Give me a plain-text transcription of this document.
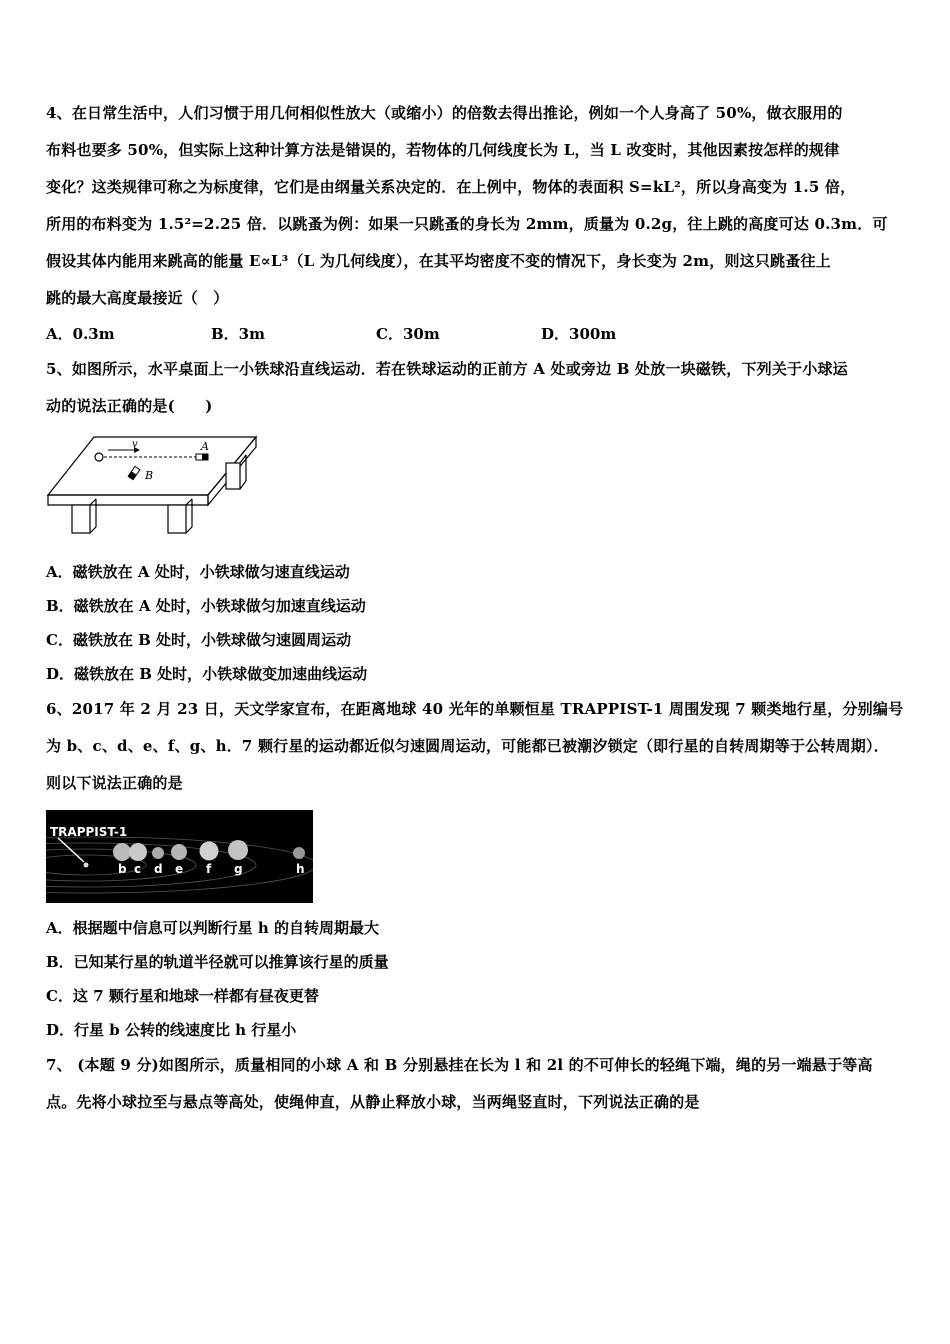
4、在日常生活中，人们习惯于用几何相似性放大（或缩小）的倍数去得出推论，例如一个人身高了 50%，做衣服用的
布料也要多 50%，但实际上这种计算方法是错误的，若物体的几何线度长为 L，当 L 改变时，其他因素按怎样的规律
变化？这类规律可称之为标度律，它们是由纲量关系决定的．在上例中，物体的表面积 S=kL²，所以身高变为 1.5 倍，
所用的布料变为 1.5²=2.25 倍．以跳蚤为例：如果一只跳蚤的身长为 2mm，质量为 0.2g，往上跳的高度可达 0.3m．可
假设其体内能用来跳高的能量 E∝L³（L 为几何线度），在其平均密度不变的情况下，身长变为 2m，则这只跳蚤往上
跳的最大高度最接近（　）
A．0.3m	B．3m	C．30m	D．300m
5、如图所示，水平桌面上一小铁球沿直线运动．若在铁球运动的正前方 A 处或旁边 B 处放一块磁铁，下列关于小球运
动的说法正确的是(　　)
v	A
B
A．磁铁放在 A 处时，小铁球做匀速直线运动
B．磁铁放在 A 处时，小铁球做匀加速直线运动
C．磁铁放在 B 处时，小铁球做匀速圆周运动
D．磁铁放在 B 处时，小铁球做变加速曲线运动
6、2017 年 2 月 23 日，天文学家宣布，在距离地球 40 光年的单颗恒星 TRAPPIST-1 周围发现 7 颗类地行星，分别编号
为 b、c、d、e、f、g、h．7 颗行星的运动都近似匀速圆周运动，可能都已被潮汐锁定（即行星的自转周期等于公转周期）．
则以下说法正确的是
TRAPPIST-1
b c d e f g	h
A．根据题中信息可以判断行星 h 的自转周期最大
B．已知某行星的轨道半径就可以推算该行星的质量
C．这 7 颗行星和地球一样都有昼夜更替
D．行星 b 公转的线速度比 h 行星小
7、 (本题 9 分)如图所示，质量相同的小球 A 和 B 分别悬挂在长为 l 和 2l 的不可伸长的轻绳下端，绳的另一端悬于等高
点。先将小球拉至与悬点等高处，使绳伸直，从静止释放小球，当两绳竖直时，下列说法正确的是
